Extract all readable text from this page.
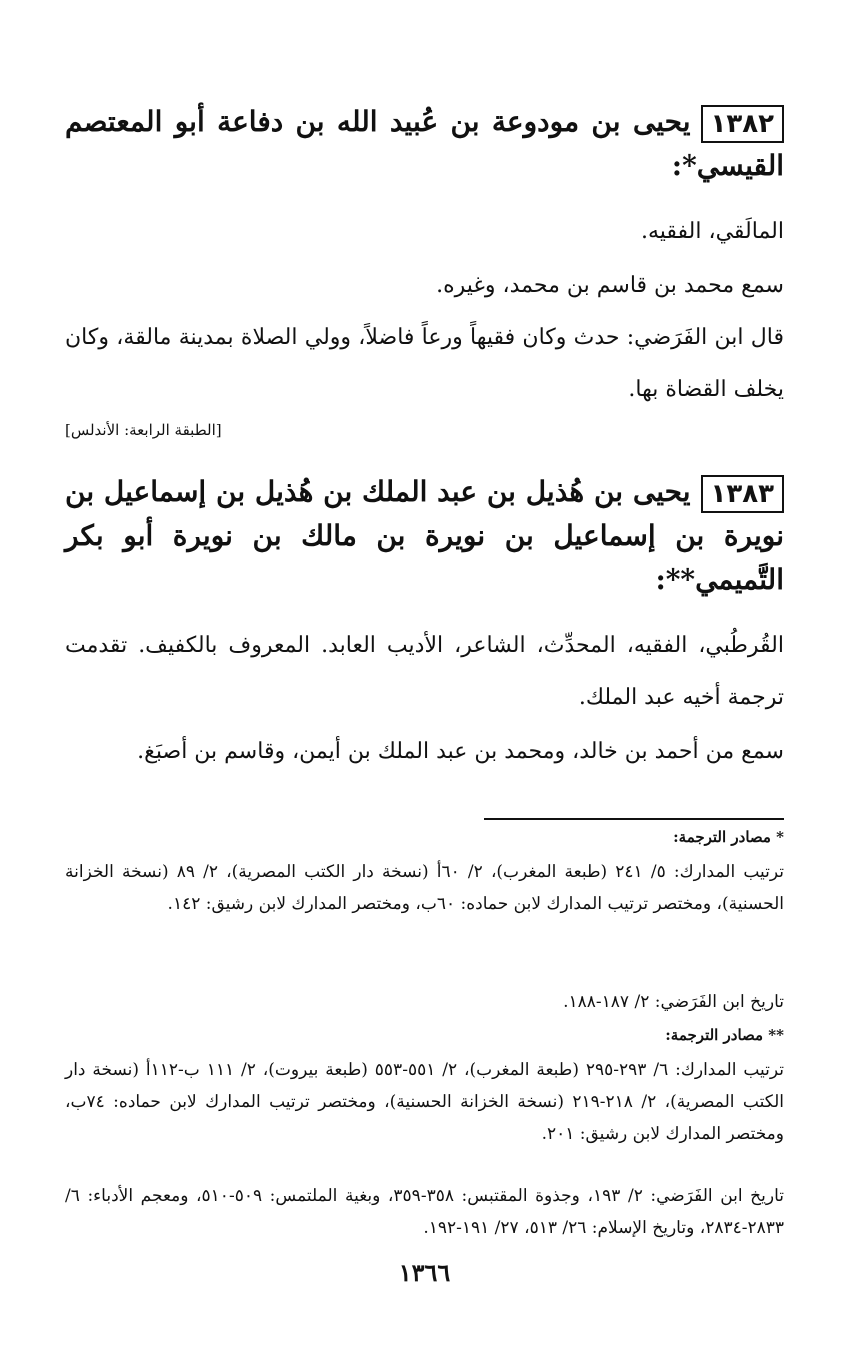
١٣٨٢يحيى بن مودوعة بن عُبيد الله بن دفاعة أبو المعتصم القيسي*:
المالَقي، الفقيه.
سمع محمد بن قاسم بن محمد، وغيره.
قال ابن الفَرَضي: حدث وكان فقيهاً ورعاً فاضلاً، وولي الصلاة بمدينة مالقة، وكان يخلف القضاة بها.
[الطبقة الرابعة: الأندلس]
١٣٨٣يحيى بن هُذيل بن عبد الملك بن هُذيل بن إسماعيل بن نويرة بن إسماعيل بن نويرة بن مالك بن نويرة أبو بكر التَّميمي**:
القُرطُبي، الفقيه، المحدِّث، الشاعر، الأديب العابد. المعروف بالكفيف. تقدمت ترجمة أخيه عبد الملك.
سمع من أحمد بن خالد، ومحمد بن عبد الملك بن أيمن، وقاسم بن أصبَغ.
* مصادر الترجمة:
ترتيب المدارك: ٥/ ٢٤١ (طبعة المغرب)، ٢/ ٦٠أ (نسخة دار الكتب المصرية)، ٢/ ٨٩ (نسخة الخزانة الحسنية)، ومختصر ترتيب المدارك لابن حماده: ٦٠ب، ومختصر المدارك لابن رشيق: ١٤٢.
تاريخ ابن الفَرَضي: ٢/ ١٨٧-١٨٨.
** مصادر الترجمة:
ترتيب المدارك: ٦/ ٢٩٣-٢٩٥ (طبعة المغرب)، ٢/ ٥٥١-٥٥٣ (طبعة بيروت)، ٢/ ١١١ ب-١١٢أ (نسخة دار الكتب المصرية)، ٢/ ٢١٨-٢١٩ (نسخة الخزانة الحسنية)، ومختصر ترتيب المدارك لابن حماده: ٧٤ب، ومختصر المدارك لابن رشيق: ٢٠١.
تاريخ ابن الفَرَضي: ٢/ ١٩٣، وجذوة المقتبس: ٣٥٨-٣٥٩، وبغية الملتمس: ٥٠٩-٥١٠، ومعجم الأدباء: ٦/ ٢٨٣٣-٢٨٣٤، وتاريخ الإسلام: ٢٦/ ٥١٣، ٢٧/ ١٩١-١٩٢.
١٣٦٦
